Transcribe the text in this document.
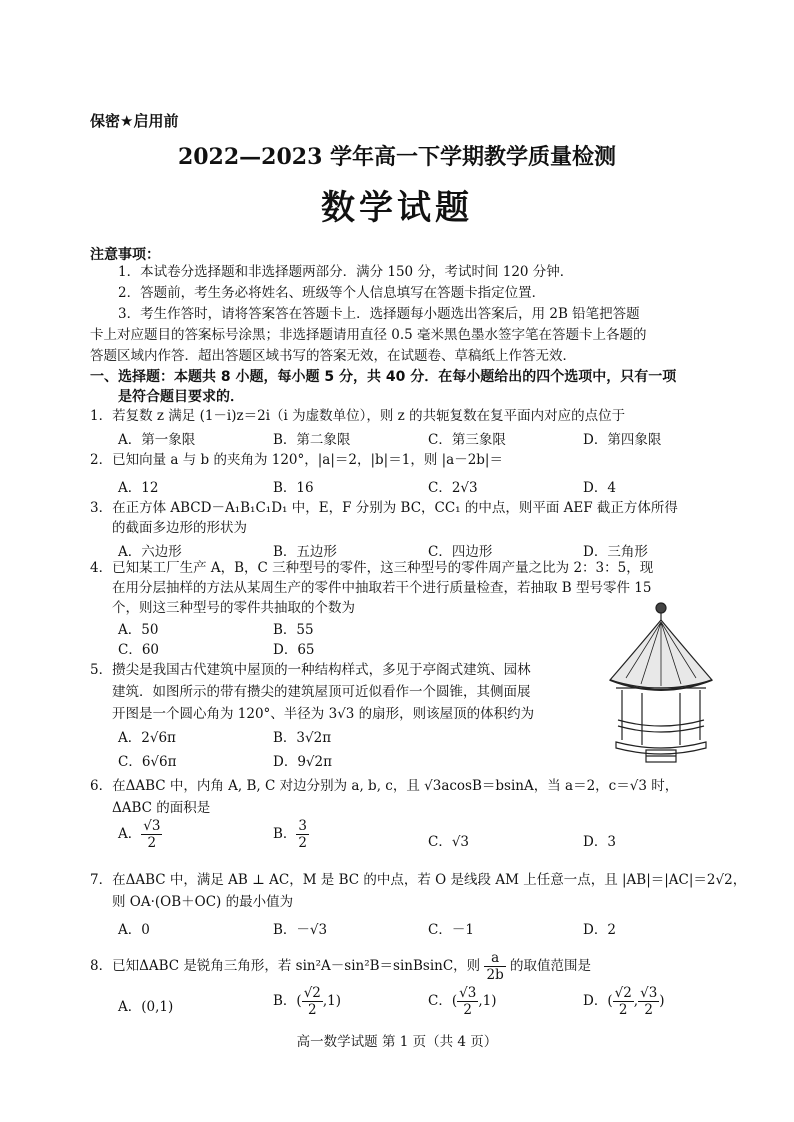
保密★启用前
2022—2023 学年高一下学期教学质量检测
数学试题
注意事项：
1．本试卷分选择题和非选择题两部分．满分 150 分，考试时间 120 分钟．
2．答题前，考生务必将姓名、班级等个人信息填写在答题卡指定位置．
3．考生作答时，请将答案答在答题卡上．选择题每小题选出答案后，用 2B 铅笔把答题
卡上对应题目的答案标号涂黑；非选择题请用直径 0.5 毫米黑色墨水签字笔在答题卡上各题的
答题区域内作答．超出答题区域书写的答案无效，在试题卷、草稿纸上作答无效．
一、选择题：本题共 8 小题，每小题 5 分，共 40 分．在每小题给出的四个选项中，只有一项
是符合题目要求的．
1．若复数 z 满足 (1－i)z＝2i（i 为虚数单位），则 z 的共轭复数在复平面内对应的点位于
A．第一象限	B．第二象限	C．第三象限	D．第四象限
2．已知向量 a 与 b 的夹角为 120°，|a|＝2，|b|＝1，则 |a－2b|＝
A．12	B．16	C．2√3	D．4
3．在正方体 ABCD－A₁B₁C₁D₁ 中，E，F 分别为 BC，CC₁ 的中点，则平面 AEF 截正方体所得
的截面多边形的形状为
A．六边形	B．五边形	C．四边形	D．三角形
4．已知某工厂生产 A，B，C 三种型号的零件，这三种型号的零件周产量之比为 2：3：5，现
在用分层抽样的方法从某周生产的零件中抽取若干个进行质量检查，若抽取 B 型号零件 15
个，则这三种型号的零件共抽取的个数为
A．50	B．55
C．60	D．65
5．攒尖是我国古代建筑中屋顶的一种结构样式，多见于亭阁式建筑、园林
建筑．如图所示的带有攒尖的建筑屋顶可近似看作一个圆锥，其侧面展
开图是一个圆心角为 120°、半径为 3√3 的扇形，则该屋顶的体积约为
A．2√6π	B．3√2π
C．6√6π	D．9√2π
6．在ΔABC 中，内角 A, B, C 对边分别为 a, b, c，且 √3acosB＝bsinA，当 a＝2，c＝√3 时，
ΔABC 的面积是
A． $\frac{√3}{2}$	B． $\frac{3}{2}$	C．√3	D．3
7．在ΔABC 中，满足 AB ⊥ AC，M 是 BC 的中点，若 O 是线段 AM 上任意一点，且 |AB|＝|AC|＝2√2，
则 OA·(OB＋OC) 的最小值为
A．0	B．－√3	C．－1	D．2
8．已知ΔABC 是锐角三角形，若 sin²A－sin²B＝sinBsinC，则 $\frac{a}{2b}$ 的取值范围是
A．(0,1)	B．( $\frac{√2}{2} ,1$)	C．( $\frac{√3}{2} ,1$)	D．( $\frac{√2}{2}$ , $\frac{√3}{2}$ )
高一数学试题 第 1 页（共 4 页）
